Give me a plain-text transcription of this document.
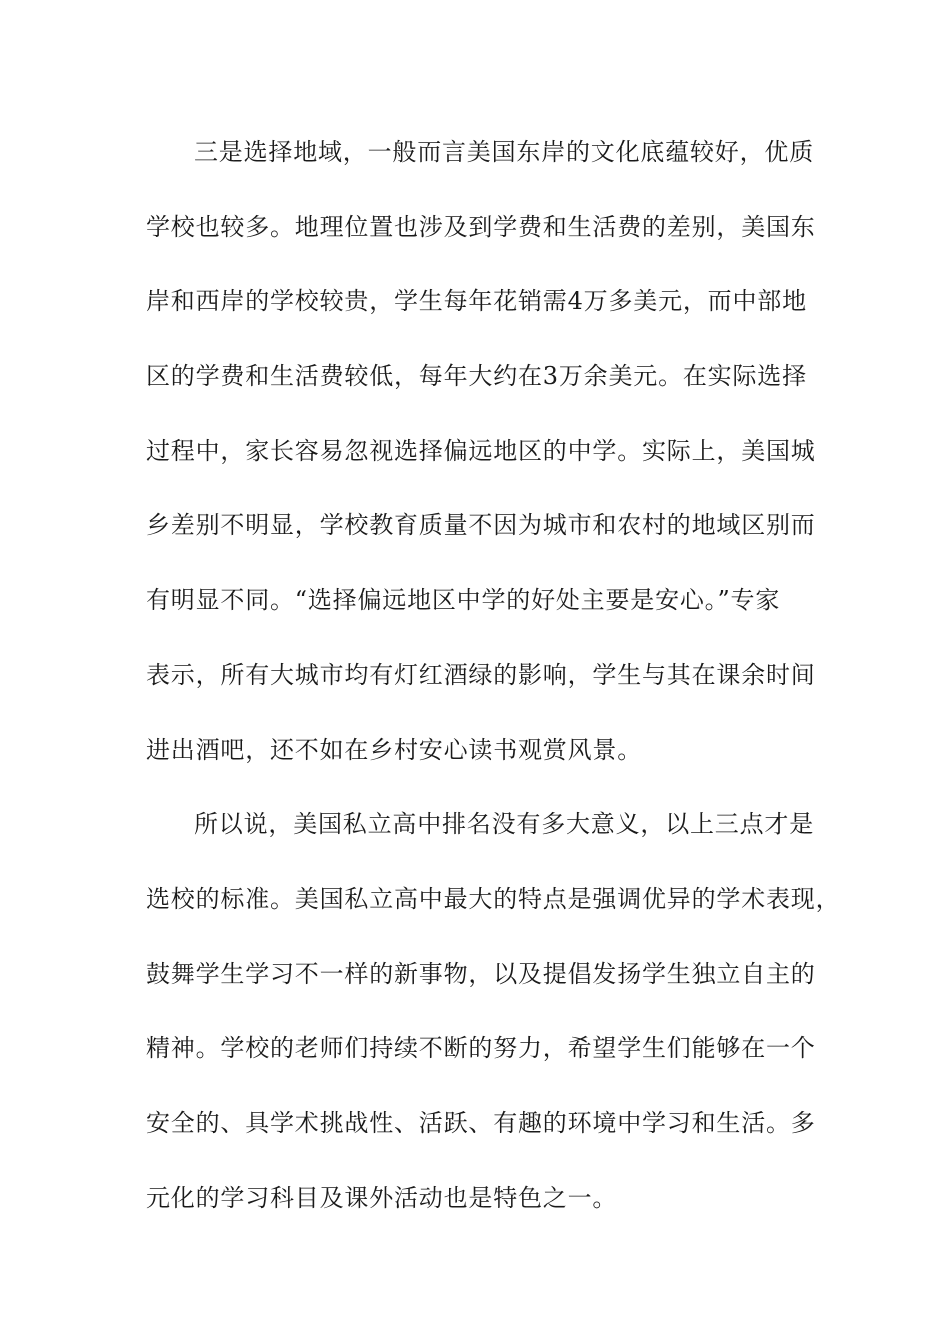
三是选择地域，一般而言美国东岸的文化底蕴较好，优质
学校也较多。地理位置也涉及到学费和生活费的差别，美国东
岸和西岸的学校较贵，学生每年花销需4万多美元，而中部地
区的学费和生活费较低，每年大约在3万余美元。在实际选择
过程中，家长容易忽视选择偏远地区的中学。实际上，美国城
乡差别不明显，学校教育质量不因为城市和农村的地域区别而
有明显不同。“选择偏远地区中学的好处主要是安心。”专家
表示，所有大城市均有灯红酒绿的影响，学生与其在课余时间
进出酒吧，还不如在乡村安心读书观赏风景。
所以说，美国私立高中排名没有多大意义，以上三点才是
选校的标准。美国私立高中最大的特点是强调优异的学术表现，
鼓舞学生学习不一样的新事物，以及提倡发扬学生独立自主的
精神。学校的老师们持续不断的努力，希望学生们能够在一个
安全的、具学术挑战性、活跃、有趣的环境中学习和生活。多
元化的学习科目及课外活动也是特色之一。
